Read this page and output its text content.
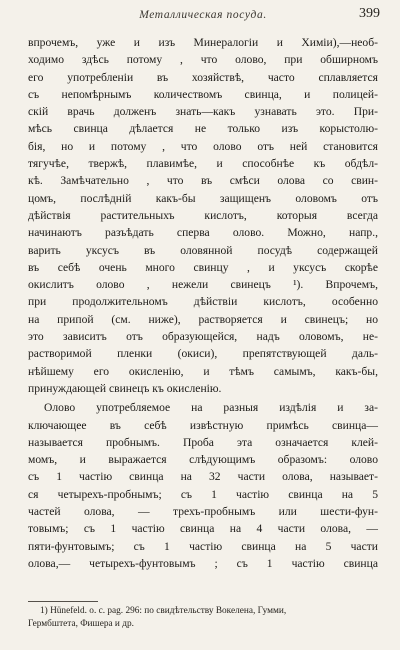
Металлическая посуда.	399
впрочемъ, уже и изъ Минералогіи и Химіи),—необ-
ходимо здѣсь потому , что олово, при обширномъ
его употребленіи въ хозяйствѣ, часто сплавляется
съ непомѣрнымъ количествомъ свинца, и полицей-
скій врачь долженъ знать—какъ узнавать это. При-
мѣсь свинца дѣлается не только изъ корыстолю-
бія, но и потому , что олово отъ ней становится
тягучѣе, твержѣ, плавимѣе, и способнѣе къ обдѣл-
кѣ. Замѣчательно , что въ смѣси олова со свин-
цомъ, послѣдній какъ-бы защищенъ оловомъ отъ
дѣйствія растительныхъ кислотъ, которыя всегда
начинаютъ разъѣдать сперва олово. Можно, напр.,
варить уксусъ въ оловянной посудѣ содержащей
въ себѣ очень много свинцу , и уксусъ скорѣе
окислитъ олово , нежели свинецъ ¹). Впрочемъ,
при продолжительномъ дѣйствіи кислотъ, особенно
на припой (см. ниже), растворяется и свинецъ; но
это зависитъ отъ образующейся, надъ оловомъ, не-
растворимой пленки (окиси), препятствующей даль-
нѣйшему его окисленію, и тѣмъ самымъ, какъ-бы,
принуждающей свинецъ къ окисленію.
Олово употребляемое на разныя издѣлія и за-
ключающее въ себѣ извѣстную примѣсь свинца—
называется пробнымъ. Проба эта означается клей-
момъ, и выражается слѣдующимъ образомъ: олово
съ 1 частію свинца на 32 части олова, называет-
ся четырехъ-пробнымъ; съ 1 частію свинца на 5
частей олова, — трехъ-пробнымъ или шести-фун-
товымъ; съ 1 частію свинца на 4 части олова, —
пяти-фунтовымъ; съ 1 частію свинца на 5 части
олова,— четырехъ-фунтовымъ ; съ 1 частію свинца
1) Hünefeld. o. c. pag. 296: по свидѣтельству Вокелена, Гумми,
Гермбштета, Фишера и др.
